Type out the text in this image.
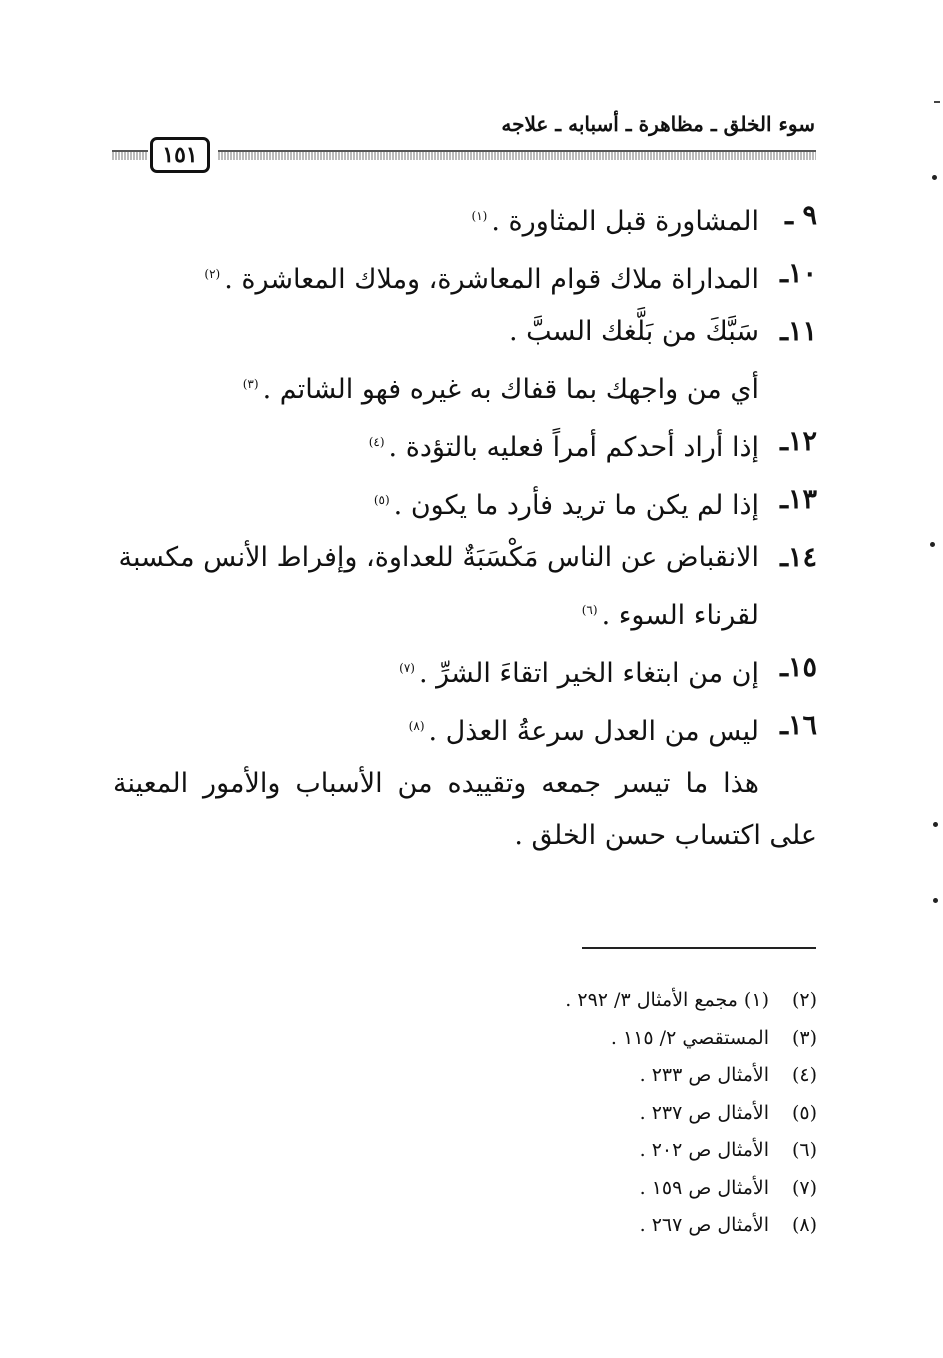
سوء الخلق ـ مظاهرة ـ أسبابه ـ علاجه
١٥١
٩ ـ
المشاورة قبل المثاورة .$^{(١)}$
١٠ـ
المداراة ملاك قوام المعاشرة، وملاك المعاشرة .$^{(٢)}$
١١ـ
سَبَّكَ من بَلَّغك السبَّ .
أي من واجهك بما قفاك به غيره فهو الشاتم .$^{(٣)}$
١٢ـ
إذا أراد أحدكم أمراً فعليه بالتؤدة .$^{(٤)}$
١٣ـ
إذا لم يكن ما تريد فأرد ما يكون .$^{(٥)}$
١٤ـ
الانقباض عن الناس مَكْسَبَةٌ للعداوة، وإفراط الأنس مكسبة لقرناء السوء .$^{(٦)}$
١٥ـ
إن من ابتغاء الخير اتقاءَ الشرِّ .$^{(٧)}$
١٦ـ
ليس من العدل سرعةُ العذل .$^{(٨)}$
هذا ما تيسر جمعه وتقييده من الأسباب والأمور المعينة على اكتساب حسن الخلق .
(٢)
(١) مجمع الأمثال ٣/ ٢٩٢ .
(٣)
المستقصي ٢/ ١١٥ .
(٤)
الأمثال ص ٢٣٣ .
(٥)
الأمثال ص ٢٣٧ .
(٦)
الأمثال ص ٢٠٢ .
(٧)
الأمثال ص ١٥٩ .
(٨)
الأمثال ص ٢٦٧ .
